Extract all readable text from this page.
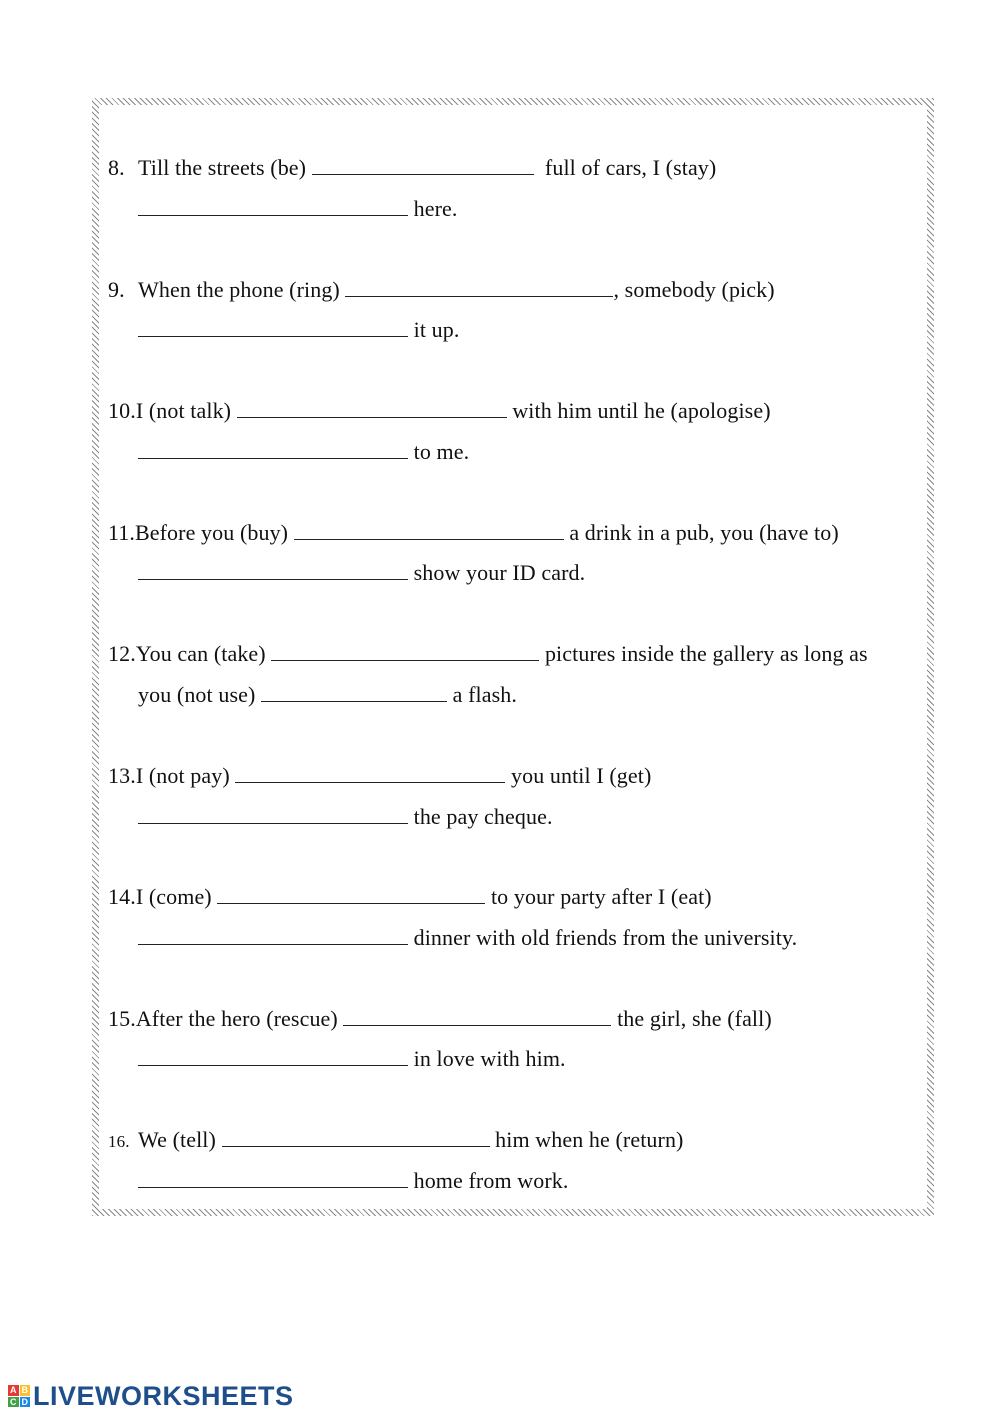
8. Till the streets (be)	full of cars, I (stay)
here.
9. When the phone (ring)	, somebody (pick)
it up.
10.I (not talk)	with him until he (apologise)
to me.
11.Before you (buy)	a drink in a pub, you (have to)
show your ID card.
12.You can (take)	pictures inside the gallery as long as
you (not use)	a flash.
13.I (not pay)	you until I (get)
the pay cheque.
14.I (come)	to your party after I (eat)
dinner with old friends from the university.
15.After the hero (rescue)	the girl, she (fall)
in love with him.
16. We (tell)	him when he (return)
home from work.
A B
C D LIVEWORKSHEETS
